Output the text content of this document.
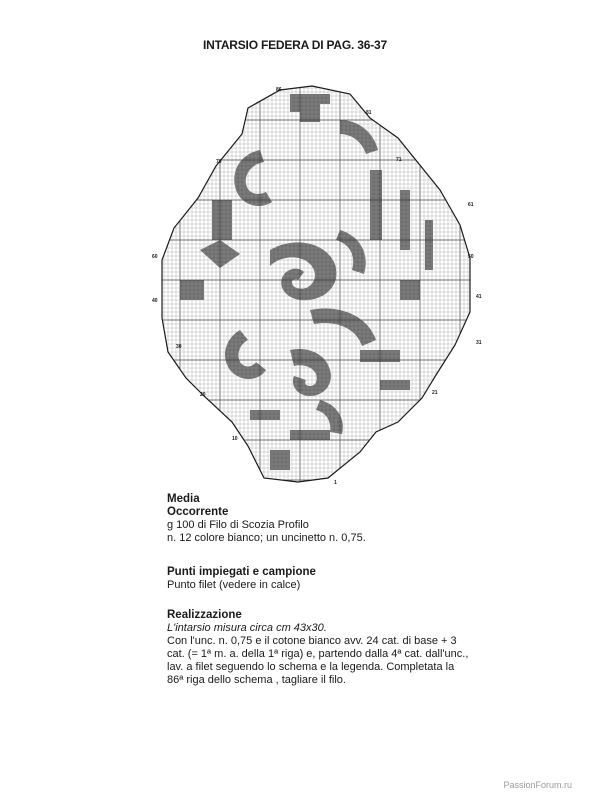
INTARSIO FEDERA DI PAG. 36-37
86
81
71
70
61
60	50
41
40
31
30
21
20
10
1
Media
Occorrente
g 100 di Filo di Scozia Profilo
n. 12 colore bianco; un uncinetto n. 0,75.
Punti impiegati e campione
Punto filet (vedere in calce)
Realizzazione
L'intarsio misura circa cm 43x30.
Con l'unc. n. 0,75 e il cotone bianco avv. 24 cat. di base + 3
cat. (= 1ª m. a. della 1ª riga) e, partendo dalla 4ª cat. dall'unc.,
lav. a filet seguendo lo schema e la legenda. Completata la
86ª riga dello schema , tagliare il filo.
PassionForum.ru
